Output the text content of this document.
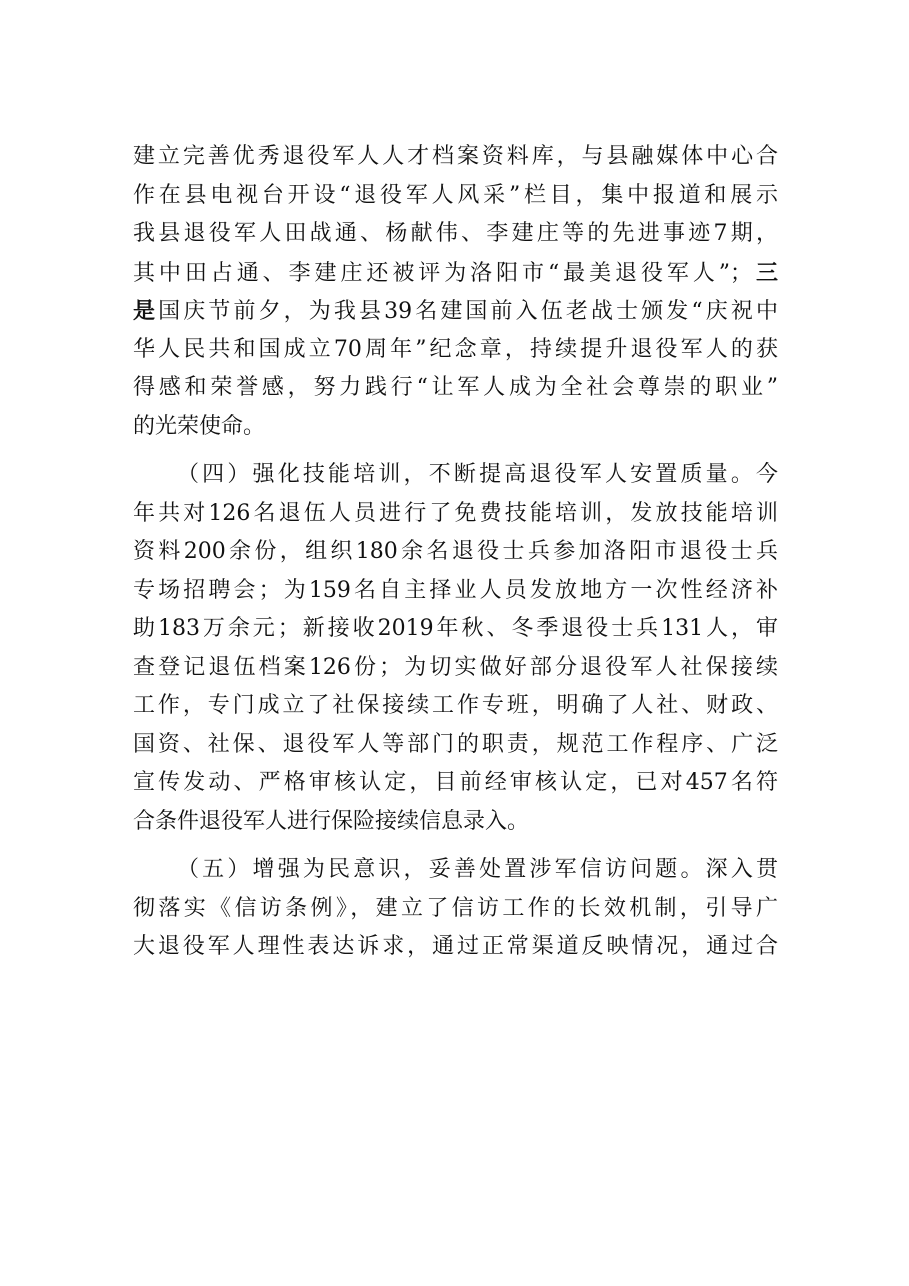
建立完善优秀退役军人人才档案资料库，与县融媒体中心合
作在县电视台开设“退役军人风采”栏目，集中报道和展示
我县退役军人田战通、杨献伟、李建庄等的先进事迹7期，
其中田占通、李建庄还被评为洛阳市“最美退役军人”；三
是国庆节前夕，为我县39名建国前入伍老战士颁发“庆祝中
华人民共和国成立70周年”纪念章，持续提升退役军人的获
得感和荣誉感，努力践行“让军人成为全社会尊崇的职业”
的光荣使命。
（四）强化技能培训，不断提高退役军人安置质量。今
年共对126名退伍人员进行了免费技能培训，发放技能培训
资料200余份，组织180余名退役士兵参加洛阳市退役士兵
专场招聘会；为159名自主择业人员发放地方一次性经济补
助183万余元；新接收2019年秋、冬季退役士兵131人，审
查登记退伍档案126份；为切实做好部分退役军人社保接续
工作，专门成立了社保接续工作专班，明确了人社、财政、
国资、社保、退役军人等部门的职责，规范工作程序、广泛
宣传发动、严格审核认定，目前经审核认定，已对457名符
合条件退役军人进行保险接续信息录入。
（五）增强为民意识，妥善处置涉军信访问题。深入贯
彻落实《信访条例》，建立了信访工作的长效机制，引导广
大退役军人理性表达诉求，通过正常渠道反映情况，通过合
